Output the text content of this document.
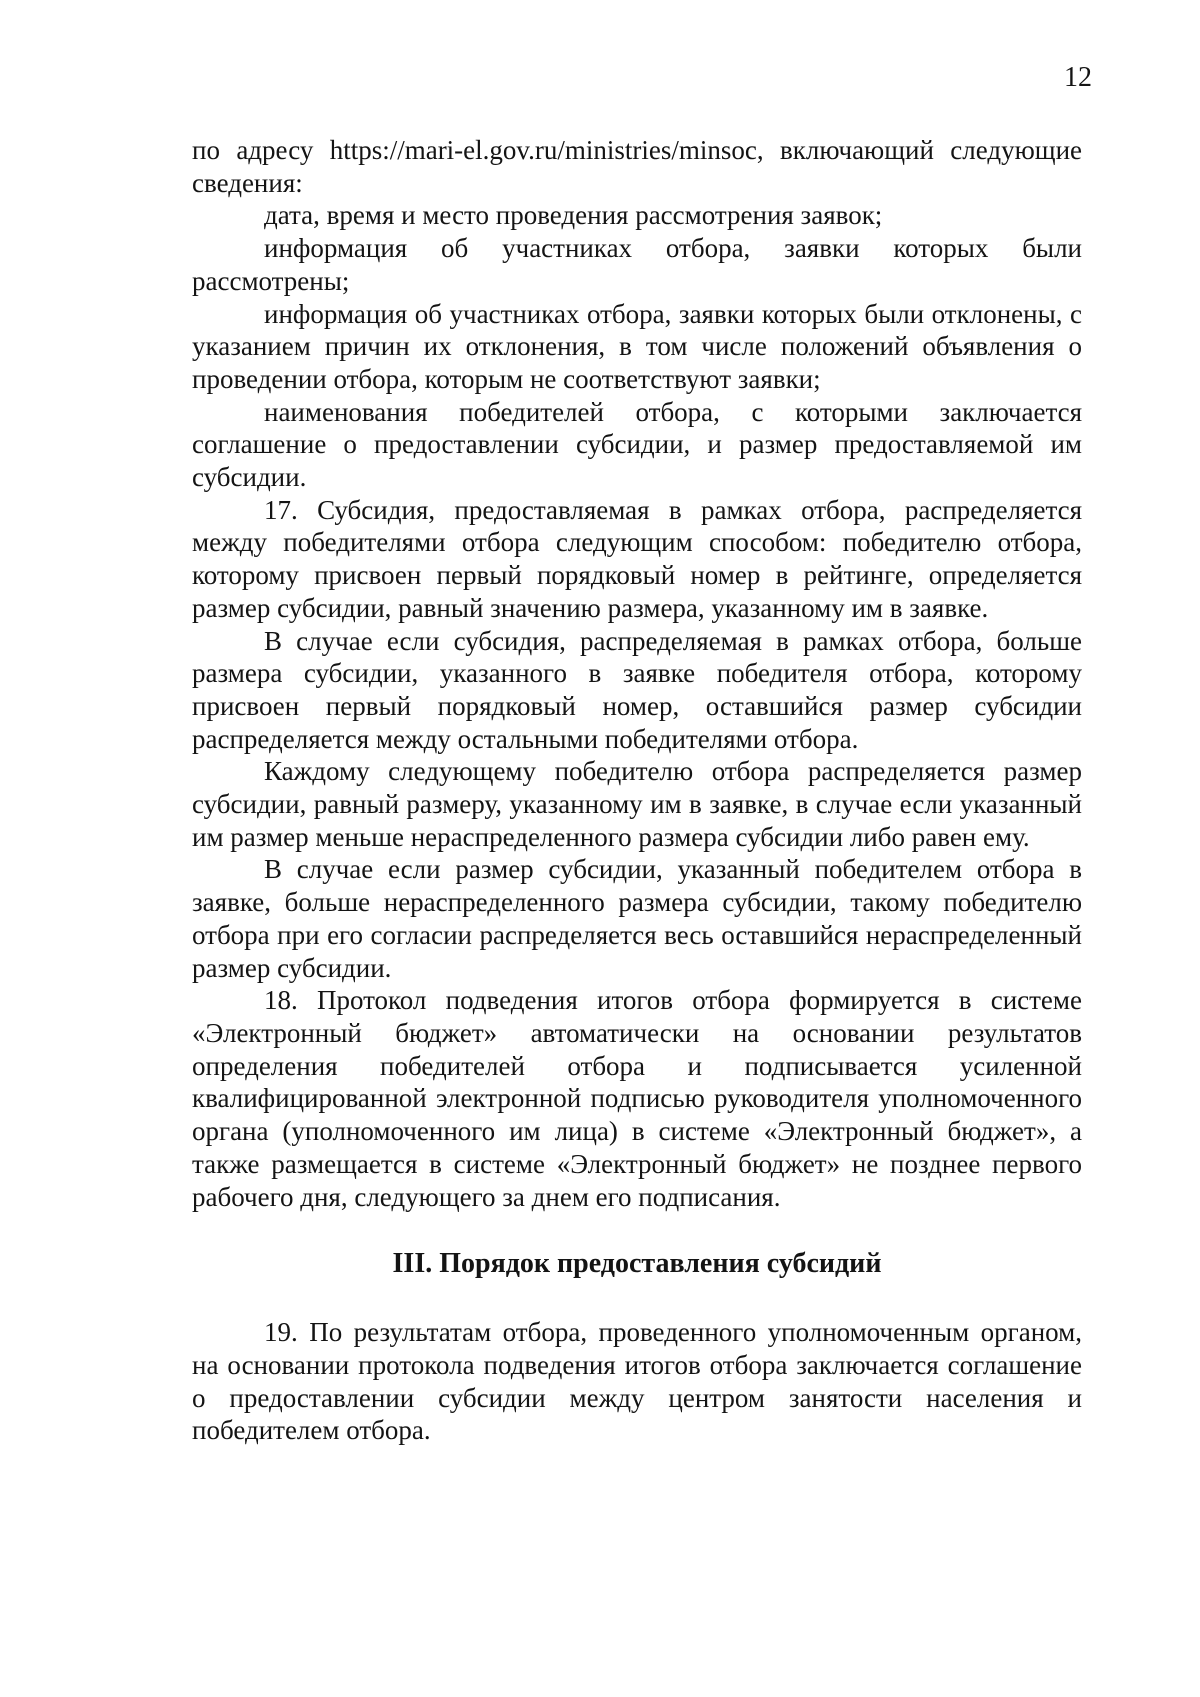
12

по адресу https://mari-el.gov.ru/ministries/minsoc, включающий следующие сведения:

дата, время и место проведения рассмотрения заявок;

информация об участниках отбора, заявки которых были рассмотрены;

информация об участниках отбора, заявки которых были отклонены, с указанием причин их отклонения, в том числе положений объявления о проведении отбора, которым не соответствуют заявки;

наименования победителей отбора, с которыми заключается соглашение о предоставлении субсидии, и размер предоставляемой им субсидии.

17. Субсидия, предоставляемая в рамках отбора, распределяется между победителями отбора следующим способом: победителю отбора, которому присвоен первый порядковый номер в рейтинге, определяется размер субсидии, равный значению размера, указанному им в заявке.

В случае если субсидия, распределяемая в рамках отбора, больше размера субсидии, указанного в заявке победителя отбора, которому присвоен первый порядковый номер, оставшийся размер субсидии распределяется между остальными победителями отбора.

Каждому следующему победителю отбора распределяется размер субсидии, равный размеру, указанному им в заявке, в случае если указанный им размер меньше нераспределенного размера субсидии либо равен ему.

В случае если размер субсидии, указанный победителем отбора в заявке, больше нераспределенного размера субсидии, такому победителю отбора при его согласии распределяется весь оставшийся нераспределенный размер субсидии.

18. Протокол подведения итогов отбора формируется в системе «Электронный бюджет» автоматически на основании результатов определения победителей отбора и подписывается усиленной квалифицированной электронной подписью руководителя уполномоченного органа (уполномоченного им лица) в системе «Электронный бюджет», а также размещается в системе «Электронный бюджет» не позднее первого рабочего дня, следующего за днем его подписания.

III. Порядок предоставления субсидий

19. По результатам отбора, проведенного уполномоченным органом, на основании протокола подведения итогов отбора заключается соглашение о предоставлении субсидии между центром занятости населения и победителем отбора.
